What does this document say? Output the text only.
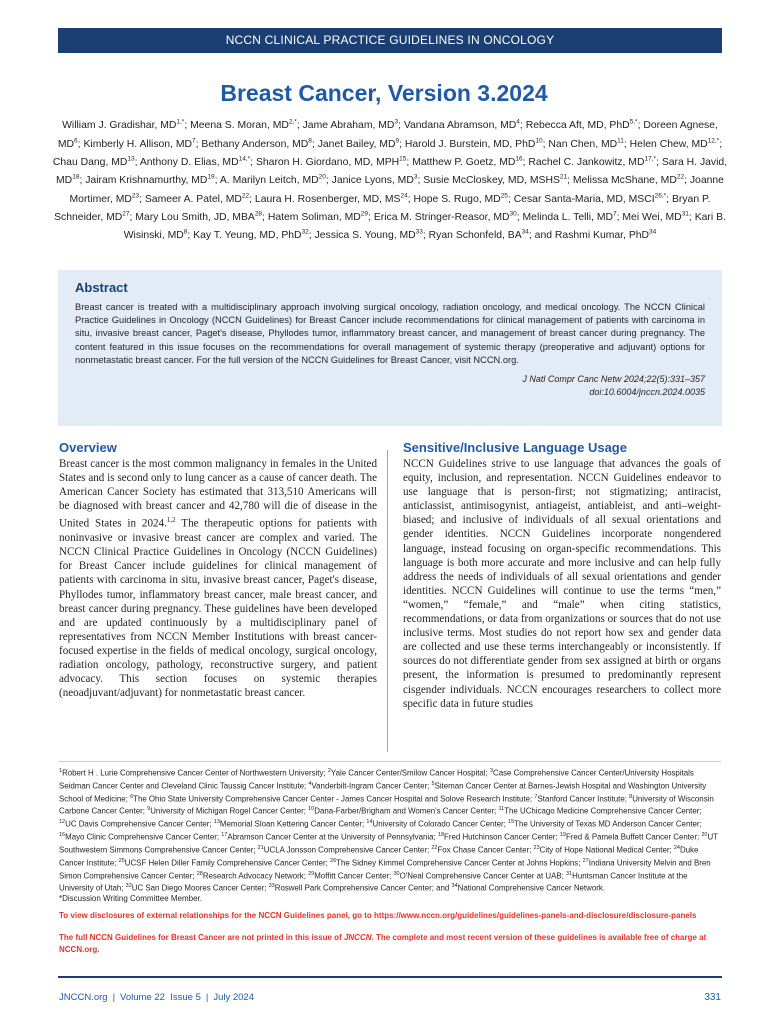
NCCN CLINICAL PRACTICE GUIDELINES IN ONCOLOGY
Breast Cancer, Version 3.2024
William J. Gradishar, $MD^{1,*}$; Meena S. Moran, $MD^{2,*}$; Jame Abraham, $MD^3$; Vandana Abramson, $MD^4$; Rebecca Aft, MD, PhD$^{5,*}$; Doreen Agnese, $MD^6$; Kimberly H. Allison, $MD^7$; Bethany Anderson, $MD^8$; Janet Bailey, $MD^9$; Harold J. Burstein, MD, PhD$^{10}$; Nan Chen, MD$^{11}$; Helen Chew, $MD^{12,*}$; Chau Dang, MD$^{13}$; Anthony D. Elias, $MD^{14,*}$; Sharon H. Giordano, MD, MPH$^{15}$; Matthew P. Goetz, MD$^{16}$; Rachel C. Jankowitz, $MD^{17,*}$; Sara H. Javid, MD$^{18}$; Jairam Krishnamurthy, MD$^{19}$; A. Marilyn Leitch, MD$^{20}$; Janice Lyons, $MD^3$; Susie McCloskey, MD, MSHS$^{21}$; Melissa McShane, MD$^{22}$; Joanne Mortimer, MD$^{23}$; Sameer A. Patel, MD$^{22}$; Laura H. Rosenberger, MD, MS$^{24}$; Hope S. Rugo, MD$^{25}$; Cesar Santa-Maria, MD, $MSCI^{26,*}$; Bryan P. Schneider, MD$^{27}$; Mary Lou Smith, JD, MBA$^{28}$; Hatem Soliman, MD$^{29}$; Erica M. Stringer-Reasor, MD$^{30}$; Melinda L. Telli, $MD^7$; Mei Wei, MD$^{31}$; Kari B. Wisinski, $MD^8$; Kay T. Yeung, MD, PhD$^{32}$; Jessica S. Young, MD$^{33}$; Ryan Schonfeld, BA$^{34}$; and Rashmi Kumar, PhD$^{34}$
Abstract
Breast cancer is treated with a multidisciplinary approach involving surgical oncology, radiation oncology, and medical oncology. The NCCN Clinical Practice Guidelines in Oncology (NCCN Guidelines) for Breast Cancer include recommendations for clinical management of patients with carcinoma in situ, invasive breast cancer, Paget's disease, Phyllodes tumor, inflammatory breast cancer, and management of breast cancer during pregnancy. The content featured in this issue focuses on the recommendations for overall management of systemic therapy (preoperative and adjuvant) options for nonmetastatic breast cancer. For the full version of the NCCN Guidelines for Breast Cancer, visit NCCN.org.
J Natl Compr Canc Netw 2024;22(5):331–357
doi:10.6004/jnccn.2024.0035
Overview
Breast cancer is the most common malignancy in females in the United States and is second only to lung cancer as a cause of cancer death. The American Cancer Society has estimated that 313,510 Americans will be diagnosed with breast cancer and 42,780 will die of disease in the United States in 2024.$^{1,2}$ The therapeutic options for patients with noninvasive or invasive breast cancer are complex and varied. The NCCN Clinical Practice Guidelines in Oncology (NCCN Guidelines) for Breast Cancer include guidelines for clinical management of patients with carcinoma in situ, invasive breast cancer, Paget's disease, Phyllodes tumor, inflammatory breast cancer, male breast cancer, and breast cancer during pregnancy. These guidelines have been developed and are updated continuously by a multidisciplinary panel of representatives from NCCN Member Institutions with breast cancer-focused expertise in the fields of medical oncology, surgical oncology, radiation oncology, pathology, reconstructive surgery, and patient advocacy. This section focuses on systemic therapies (neoadjuvant/adjuvant) for nonmetastatic breast cancer.
Sensitive/Inclusive Language Usage
NCCN Guidelines strive to use language that advances the goals of equity, inclusion, and representation. NCCN Guidelines endeavor to use language that is person-first; not stigmatizing; antiracist, anticlassist, antimisogynist, antiageist, antiableist, and anti–weight-biased; and inclusive of individuals of all sexual orientations and gender identities. NCCN Guidelines incorporate nongendered language, instead focusing on organ-specific recommendations. This language is both more accurate and more inclusive and can help fully address the needs of individuals of all sexual orientations and gender identities. NCCN Guidelines will continue to use the terms “men,” “women,” “female,” and “male” when citing statistics, recommendations, or data from organizations or sources that do not use inclusive terms. Most studies do not report how sex and gender data are collected and use these terms interchangeably or inconsistently. If sources do not differentiate gender from sex assigned at birth or organs present, the information is presumed to predominantly represent cisgender individuals. NCCN encourages researchers to collect more specific data in future studies
$^1$Robert H . Lurie Comprehensive Cancer Center of Northwestern University; $^2$Yale Cancer Center/Smilow Cancer Hospital; $^3$Case Comprehensive Cancer Center/University Hospitals Seidman Cancer Center and Cleveland Clinic Taussig Cancer Institute; $^4$Vanderbilt-Ingram Cancer Center; $^5$Siteman Cancer Center at Barnes-Jewish Hospital and Washington University School of Medicine; $^6$The Ohio State University Comprehensive Cancer Center - James Cancer Hospital and Solove Research Institute; $^7$Stanford Cancer Institute; $^8$University of Wisconsin Carbone Cancer Center; $^9$University of Michigan Rogel Cancer Center; $^{10}$Dana-Farber/Brigham and Women's Cancer Center; $^{11}$The UChicago Medicine Comprehensive Cancer Center; $^{12}$UC Davis Comprehensive Cancer Center; $^{13}$Memorial Sloan Kettering Cancer Center; $^{14}$University of Colorado Cancer Center; $^{15}$The University of Texas MD Anderson Cancer Center; $^{16}$Mayo Clinic Comprehensive Cancer Center; $^{17}$Abramson Cancer Center at the University of Pennsylvania; $^{18}$Fred Hutchinson Cancer Center; $^{19}$Fred & Pamela Buffett Cancer Center; $^{20}$UT Southwestern Simmons Comprehensive Cancer Center; $^{21}$UCLA Jonsson Comprehensive Cancer Center; $^{22}$Fox Chase Cancer Center; $^{23}$City of Hope National Medical Center; $^{24}$Duke Cancer Institute; $^{25}$UCSF Helen Diller Family Comprehensive Cancer Center; $^{26}$The Sidney Kimmel Comprehensive Cancer Center at Johns Hopkins; $^{27}$Indiana University Melvin and Bren Simon Comprehensive Cancer Center; $^{28}$Research Advocacy Network; $^{29}$Moffitt Cancer Center; $^{30}$O'Neal Comprehensive Cancer Center at UAB; $^{31}$Huntsman Cancer Institute at the University of Utah; $^{32}$UC San Diego Moores Cancer Center; $^{33}$Roswell Park Comprehensive Cancer Center; and $^{34}$National Comprehensive Cancer Network.
*Discussion Writing Committee Member.
To view disclosures of external relationships for the NCCN Guidelines panel, go to https://www.nccn.org/guidelines/guidelines-panels-and-disclosure/disclosure-panels
The full NCCN Guidelines for Breast Cancer are not printed in this issue of JNCCN. The complete and most recent version of these guidelines is available free of charge at NCCN.org.
JNCCN.org | Volume 22 Issue 5 | July 2024	331
